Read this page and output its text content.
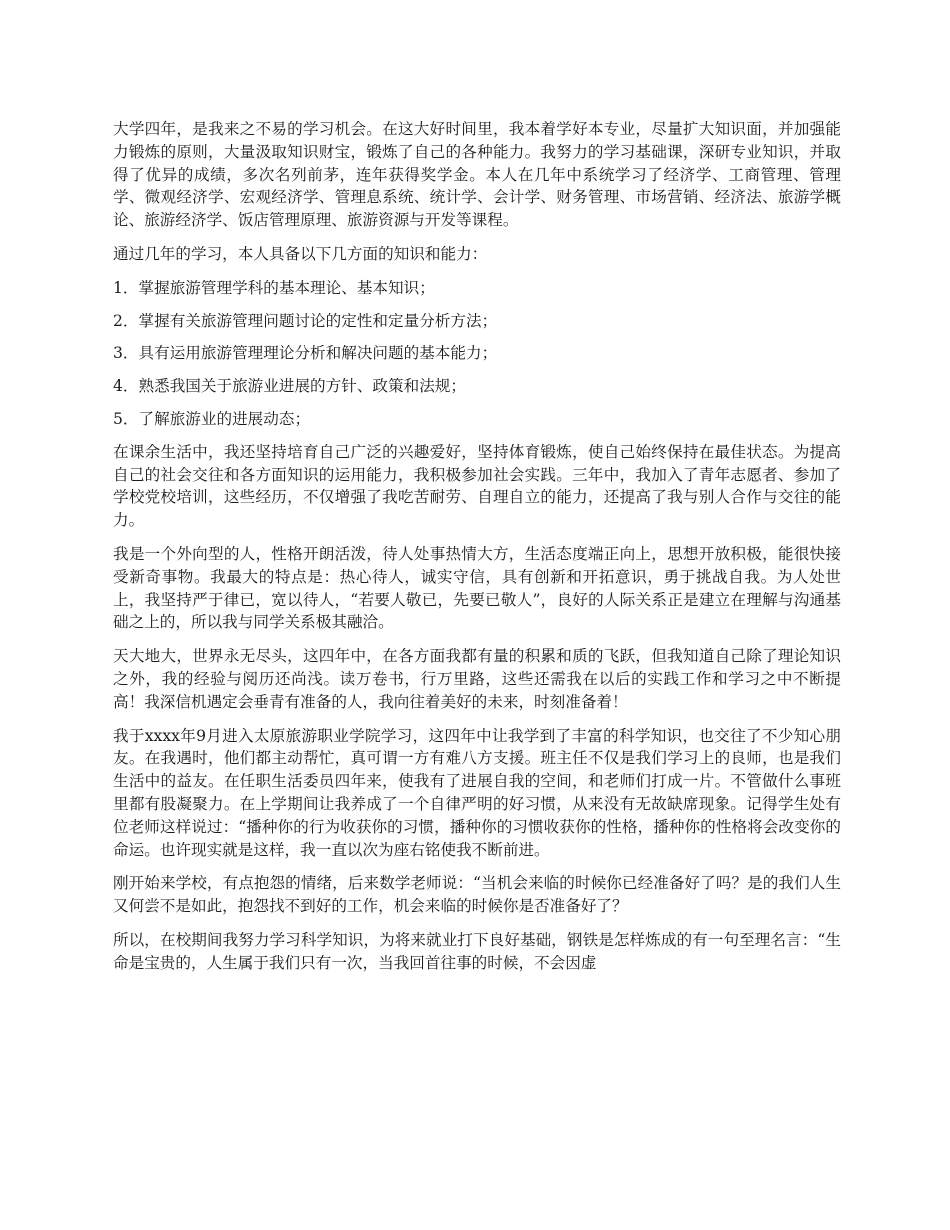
大学四年，是我来之不易的学习机会。在这大好时间里，我本着学好本专业，尽量扩大知识面，并加强能力锻炼的原则，大量汲取知识财宝，锻炼了自己的各种能力。我努力的学习基础课，深研专业知识，并取得了优异的成绩，多次名列前茅，连年获得奖学金。本人在几年中系统学习了经济学、工商管理、管理学、微观经济学、宏观经济学、管理息系统、统计学、会计学、财务管理、市场营销、经济法、旅游学概论、旅游经济学、饭店管理原理、旅游资源与开发等课程。

通过几年的学习，本人具备以下几方面的知识和能力：

1．掌握旅游管理学科的基本理论、基本知识；

2．掌握有关旅游管理问题讨论的定性和定量分析方法；

3．具有运用旅游管理理论分析和解决问题的基本能力；

4．熟悉我国关于旅游业进展的方针、政策和法规；

5．了解旅游业的进展动态；

在课余生活中，我还坚持培育自己广泛的兴趣爱好，坚持体育锻炼，使自己始终保持在最佳状态。为提高自己的社会交往和各方面知识的运用能力，我积极参加社会实践。三年中，我加入了青年志愿者、参加了学校党校培训，这些经历，不仅增强了我吃苦耐劳、自理自立的能力，还提高了我与别人合作与交往的能力。

我是一个外向型的人，性格开朗活泼，待人处事热情大方，生活态度端正向上，思想开放积极，能很快接受新奇事物。我最大的特点是：热心待人，诚实守信，具有创新和开拓意识，勇于挑战自我。为人处世上，我坚持严于律已，宽以待人，“若要人敬已，先要已敬人”，良好的人际关系正是建立在理解与沟通基础之上的，所以我与同学关系极其融洽。

天大地大，世界永无尽头，这四年中，在各方面我都有量的积累和质的飞跃，但我知道自己除了理论知识之外，我的经验与阅历还尚浅。读万卷书，行万里路，这些还需我在以后的实践工作和学习之中不断提高！我深信机遇定会垂青有准备的人，我向往着美好的未来，时刻准备着！

我于xxxx年9月进入太原旅游职业学院学习，这四年中让我学到了丰富的科学知识，也交往了不少知心朋友。在我遇时，他们都主动帮忙，真可谓一方有难八方支援。班主任不仅是我们学习上的良师，也是我们生活中的益友。在任职生活委员四年来，使我有了进展自我的空间，和老师们打成一片。不管做什么事班里都有股凝聚力。在上学期间让我养成了一个自律严明的好习惯，从来没有无故缺席现象。记得学生处有位老师这样说过：“播种你的行为收获你的习惯，播种你的习惯收获你的性格，播种你的性格将会改变你的命运。也许现实就是这样，我一直以次为座右铭使我不断前进。

刚开始来学校，有点抱怨的情绪，后来数学老师说：“当机会来临的时候你已经准备好了吗？是的我们人生又何尝不是如此，抱怨找不到好的工作，机会来临的时候你是否准备好了？

所以，在校期间我努力学习科学知识，为将来就业打下良好基础，钢铁是怎样炼成的有一句至理名言：“生命是宝贵的，人生属于我们只有一次，当我回首往事的时候，不会因虚
